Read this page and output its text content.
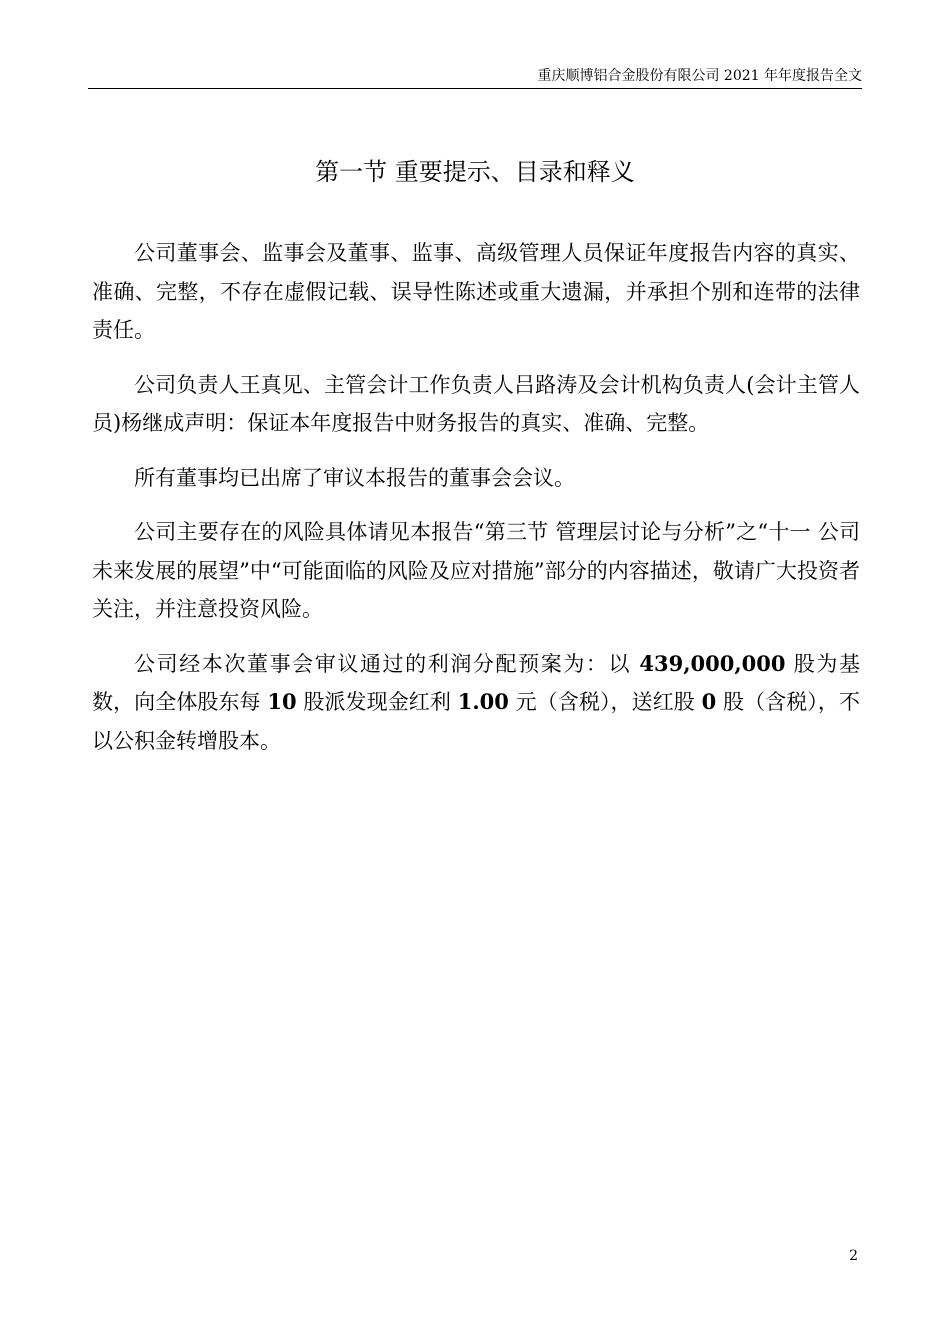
重庆顺博铝合金股份有限公司 2021 年年度报告全文
第一节 重要提示、目录和释义

公司董事会、监事会及董事、监事、高级管理人员保证年度报告内容的真实、准确、完整，不存在虚假记载、误导性陈述或重大遗漏，并承担个别和连带的法律责任。

公司负责人王真见、主管会计工作负责人吕路涛及会计机构负责人(会计主管人员)杨继成声明：保证本年度报告中财务报告的真实、准确、完整。

所有董事均已出席了审议本报告的董事会会议。

公司主要存在的风险具体请见本报告“第三节 管理层讨论与分析”之“十一 公司未来发展的展望”中“可能面临的风险及应对措施”部分的内容描述，敬请广大投资者关注，并注意投资风险。

公司经本次董事会审议通过的利润分配预案为：以 439,000,000 股为基数，向全体股东每 10 股派发现金红利 1.00 元（含税），送红股 0 股（含税），不以公积金转增股本。

2
